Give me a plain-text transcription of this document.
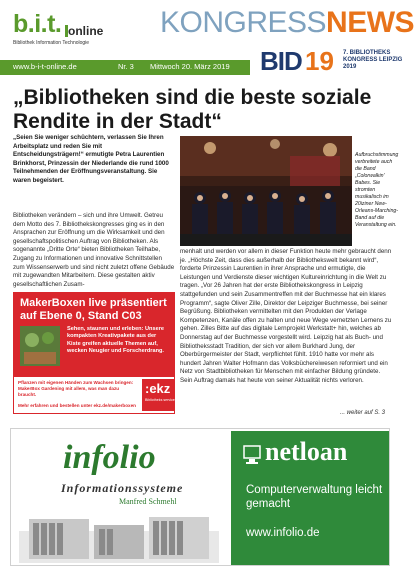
b.i.t. online
Bibliothek Information Technologie
KONGRESSNEWS
www.b-i-t-online.de	Nr. 3 Mittwoch 20. März 2019 BID 19 7. BIBLIOTHEKS KONGRESS LEIPZIG 2019
„Bibliotheken sind die beste soziale Rendite in der Stadt“

„Seien Sie weniger schüchtern, verlassen Sie Ihren Arbeitsplatz und reden Sie mit Entscheidungsträgern!“ ermutigte Petra Laurentien Brinkhorst, Prinzessin der Niederlande die rund 1000 Teilnehmenden der Eröffnungsveranstaltung. Sie waren begeistert.

Bibliotheken verändern – sich und ihre Umwelt. Getreu dem Motto des 7. Bibliothekskongresses ging es in den Ansprachen zur Eröffnung um die Wirksamkeit und den gesellschaftspolitischen Auftrag von Bibliotheken. Als sogenannte „Dritte Orte“ bieten Bibliotheken Teilhabe, Zugang zu Informationen und innovative Schnittstellen zum Wissenserwerb und sind nicht zuletzt offene Gebäude mit zugewandten Mitarbeitern. Diese gestalten aktiv gesellschaftlichen Zusam-

Aufbruchstimmung verbreitete auch die Band „Colorwalkin' Babes. Sie stromten musikalisch im 20iziner New-Orleans-Marching-Band auf die Veranstaltung ein.

menhalt und werden vor allem in dieser Funktion heute mehr gebraucht denn je. „Höchste Zeit, dass dies außerhalb der Bibliothekswelt bekannt wird“, forderte Prinzessin Laurentien in ihrer Ansprache und ermutigte, die Leistungen und Verdienste dieser wichtigen Kultureinrichtung in die Welt zu tragen. „Vor 26 Jahren hat der erste Bibliothekskongress in Leipzig stattgefunden und sein Zusammentreffen mit der Buchmesse hat ein klares Programm“, sagte Oliver Zille, Direktor der Leipziger Buchmesse, bei seiner Begrüßung. Bibliotheken vermittelten mit den Produkten der Verlage Kompetenzen, Kanäle offen zu halten und neue Wege vernetzten Lernens zu gehen. Zilles Bitte auf das digitale Lernprojekt Werkstatt+ hin, welches ab Donnerstag auf der Buchmesse vorgestellt wird. Leipzig hat als Buch- und Bibliotheksstadt Tradition, der sich vor allem Burkhard Jung, der Oberbürgermeister der Stadt, verpflichtet fühlt. 1910 hatte vor mehr als hundert Jahren Walter Hofmann das Volksbüchereiwesen reformiert und ein Netz von Stadtbibliotheken für Menschen mit einfacher Bildung gründete. Sein Auftrag damals hat heute von seiner Aktualität nichts verloren.

... weiter auf S. 3
MakerBoxen live präsentiert auf Ebene 0, Stand C03
Sehen, staunen und erleben: Unsere kompakten Kreativpakete aus der Kiste greifen aktuelle Themen auf, wecken Neugier und Forscherdrang.
Pflanzen mit eigenen Händen zum Wachsen bringen: MakerBox Gardening mit allem, was man dazu braucht.
Mehr erfahren und bestellen unter ekz.de/makerboxen
:ekz
Bibliotheks service
infolio
Informationssysteme
Manfred Schmehl
netloan
Computerverwaltung leicht gemacht
www.infolio.de
